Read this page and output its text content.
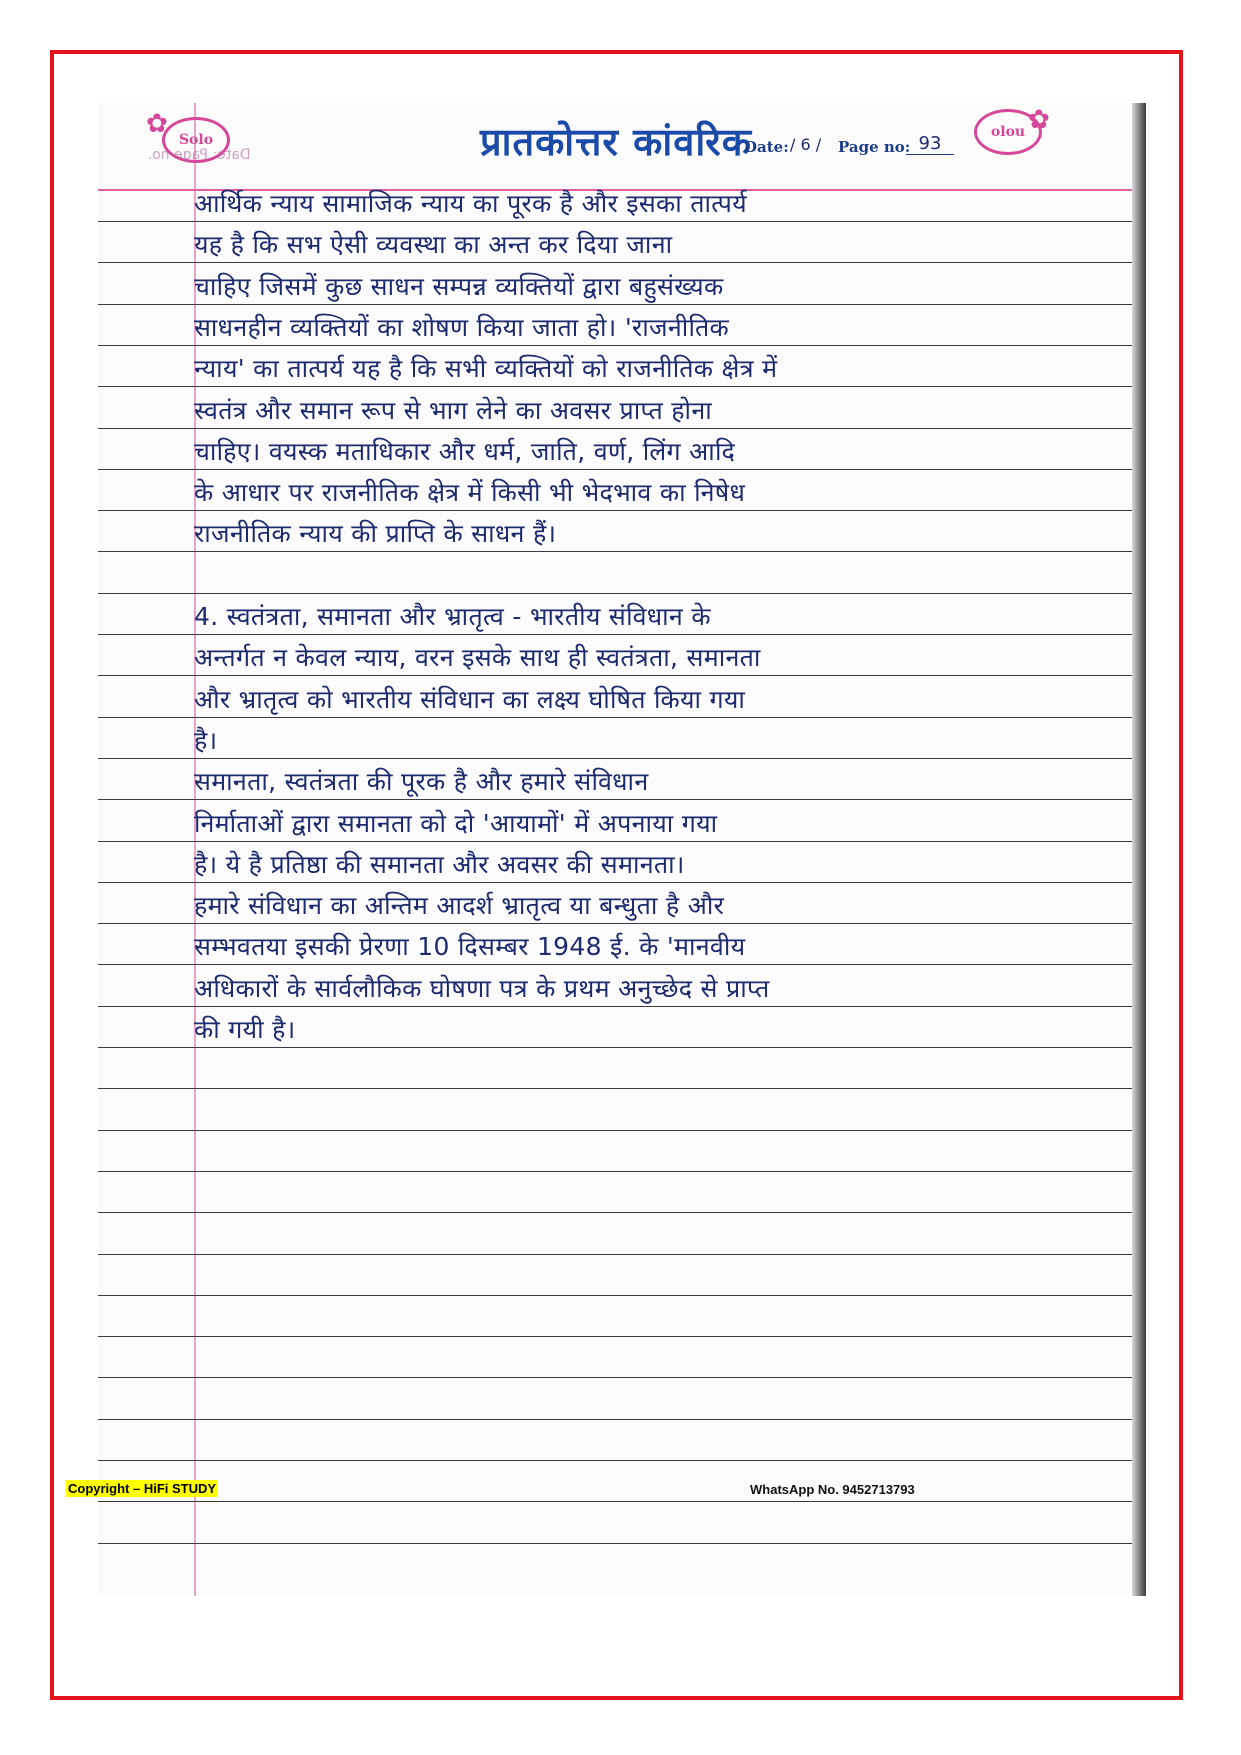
✿
Solo
Date: Page no.	प्रातकोत्तर कांवरिक
Date: / 6 / Page no: 93
olou ✿
आर्थिक न्याय सामाजिक न्याय का पूरक है और इसका तात्पर्य
यह है कि सभ ऐसी व्यवस्था का अन्त कर दिया जाना
चाहिए जिसमें कुछ साधन सम्पन्न व्यक्तियों द्वारा बहुसंख्यक
साधनहीन व्यक्तियों का शोषण किया जाता हो। 'राजनीतिक
न्याय' का तात्पर्य यह है कि सभी व्यक्तियों को राजनीतिक क्षेत्र में
स्वतंत्र और समान रूप से भाग लेने का अवसर प्राप्त होना
चाहिए। वयस्क मताधिकार और धर्म, जाति, वर्ण, लिंग आदि
के आधार पर राजनीतिक क्षेत्र में किसी भी भेदभाव का निषेध
राजनीतिक न्याय की प्राप्ति के साधन हैं।
4. स्वतंत्रता, समानता और भ्रातृत्व - भारतीय संविधान के
अन्तर्गत न केवल न्याय, वरन इसके साथ ही स्वतंत्रता, समानता
और भ्रातृत्व को भारतीय संविधान का लक्ष्य घोषित किया गया
है।
समानता, स्वतंत्रता की पूरक है और हमारे संविधान
निर्माताओं द्वारा समानता को दो 'आयामों' में अपनाया गया
है। ये है प्रतिष्ठा की समानता और अवसर की समानता।
हमारे संविधान का अन्तिम आदर्श भ्रातृत्व या बन्धुता है और
सम्भवतया इसकी प्रेरणा 10 दिसम्बर 1948 ई. के 'मानवीय
अधिकारों के सार्वलौकिक घोषणा पत्र के प्रथम अनुच्छेद से प्राप्त
की गयी है।
Copyright – HiFi STUDY	WhatsApp No. 9452713793
